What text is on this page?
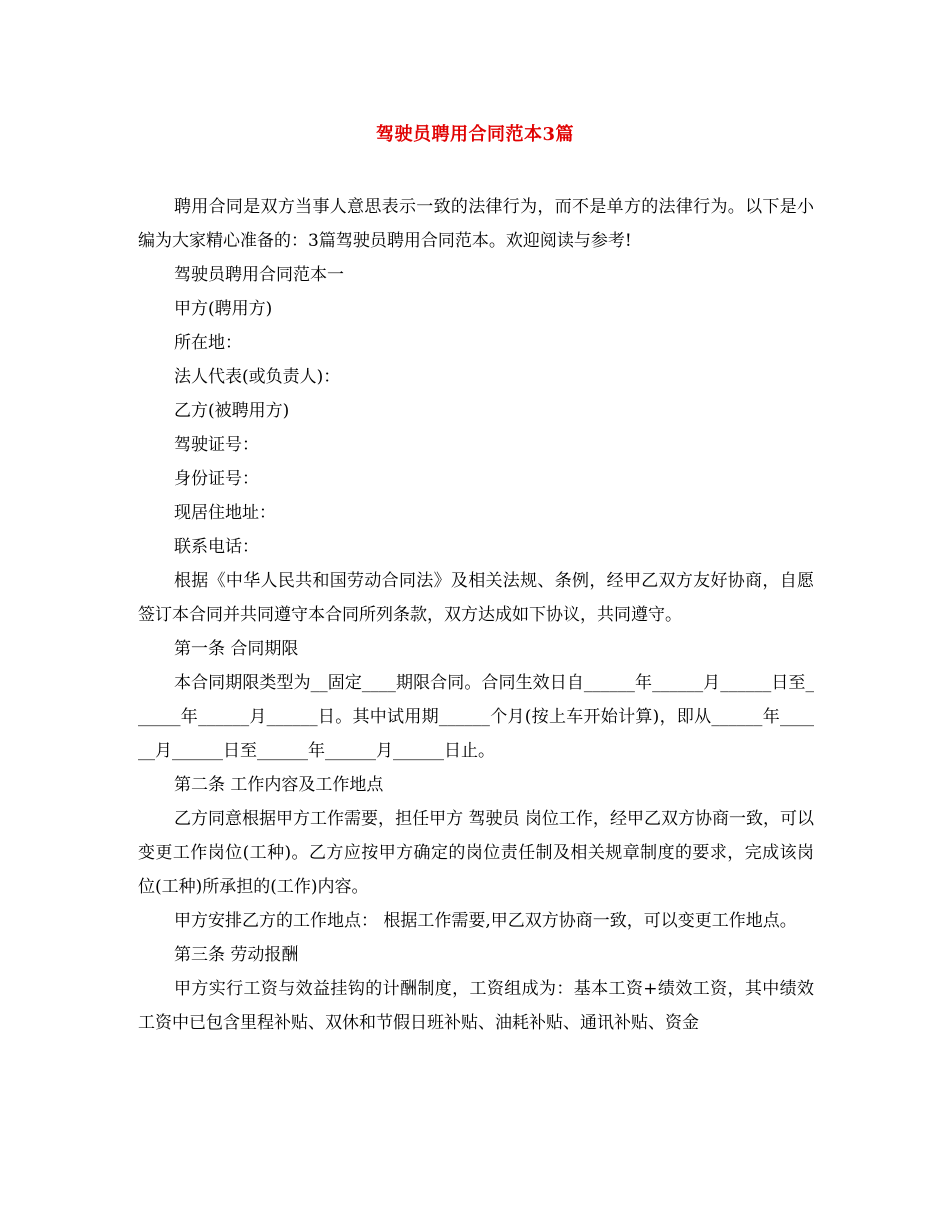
驾驶员聘用合同范本3篇

聘用合同是双方当事人意思表示一致的法律行为，而不是单方的法律行为。以下是小编为大家精心准备的：3篇驾驶员聘用合同范本。欢迎阅读与参考!

驾驶员聘用合同范本一

甲方(聘用方)

所在地：

法人代表(或负责人)：

乙方(被聘用方)

驾驶证号：

身份证号：

现居住地址：

联系电话：

根据《中华人民共和国劳动合同法》及相关法规、条例，经甲乙双方友好协商，自愿签订本合同并共同遵守本合同所列条款，双方达成如下协议，共同遵守。

第一条 合同期限

本合同期限类型为__固定____期限合同。合同生效日自______年______月______日至______年______月______日。其中试用期______个月(按上车开始计算)，即从______年______月______日至______年______月______日止。

第二条 工作内容及工作地点

乙方同意根据甲方工作需要，担任甲方 驾驶员 岗位工作，经甲乙双方协商一致，可以变更工作岗位(工种)。乙方应按甲方确定的岗位责任制及相关规章制度的要求，完成该岗位(工种)所承担的(工作)内容。

甲方安排乙方的工作地点： 根据工作需要,甲乙双方协商一致，可以变更工作地点。

第三条 劳动报酬

甲方实行工资与效益挂钩的计酬制度，工资组成为：基本工资+绩效工资，其中绩效工资中已包含里程补贴、双休和节假日班补贴、油耗补贴、通讯补贴、资金
